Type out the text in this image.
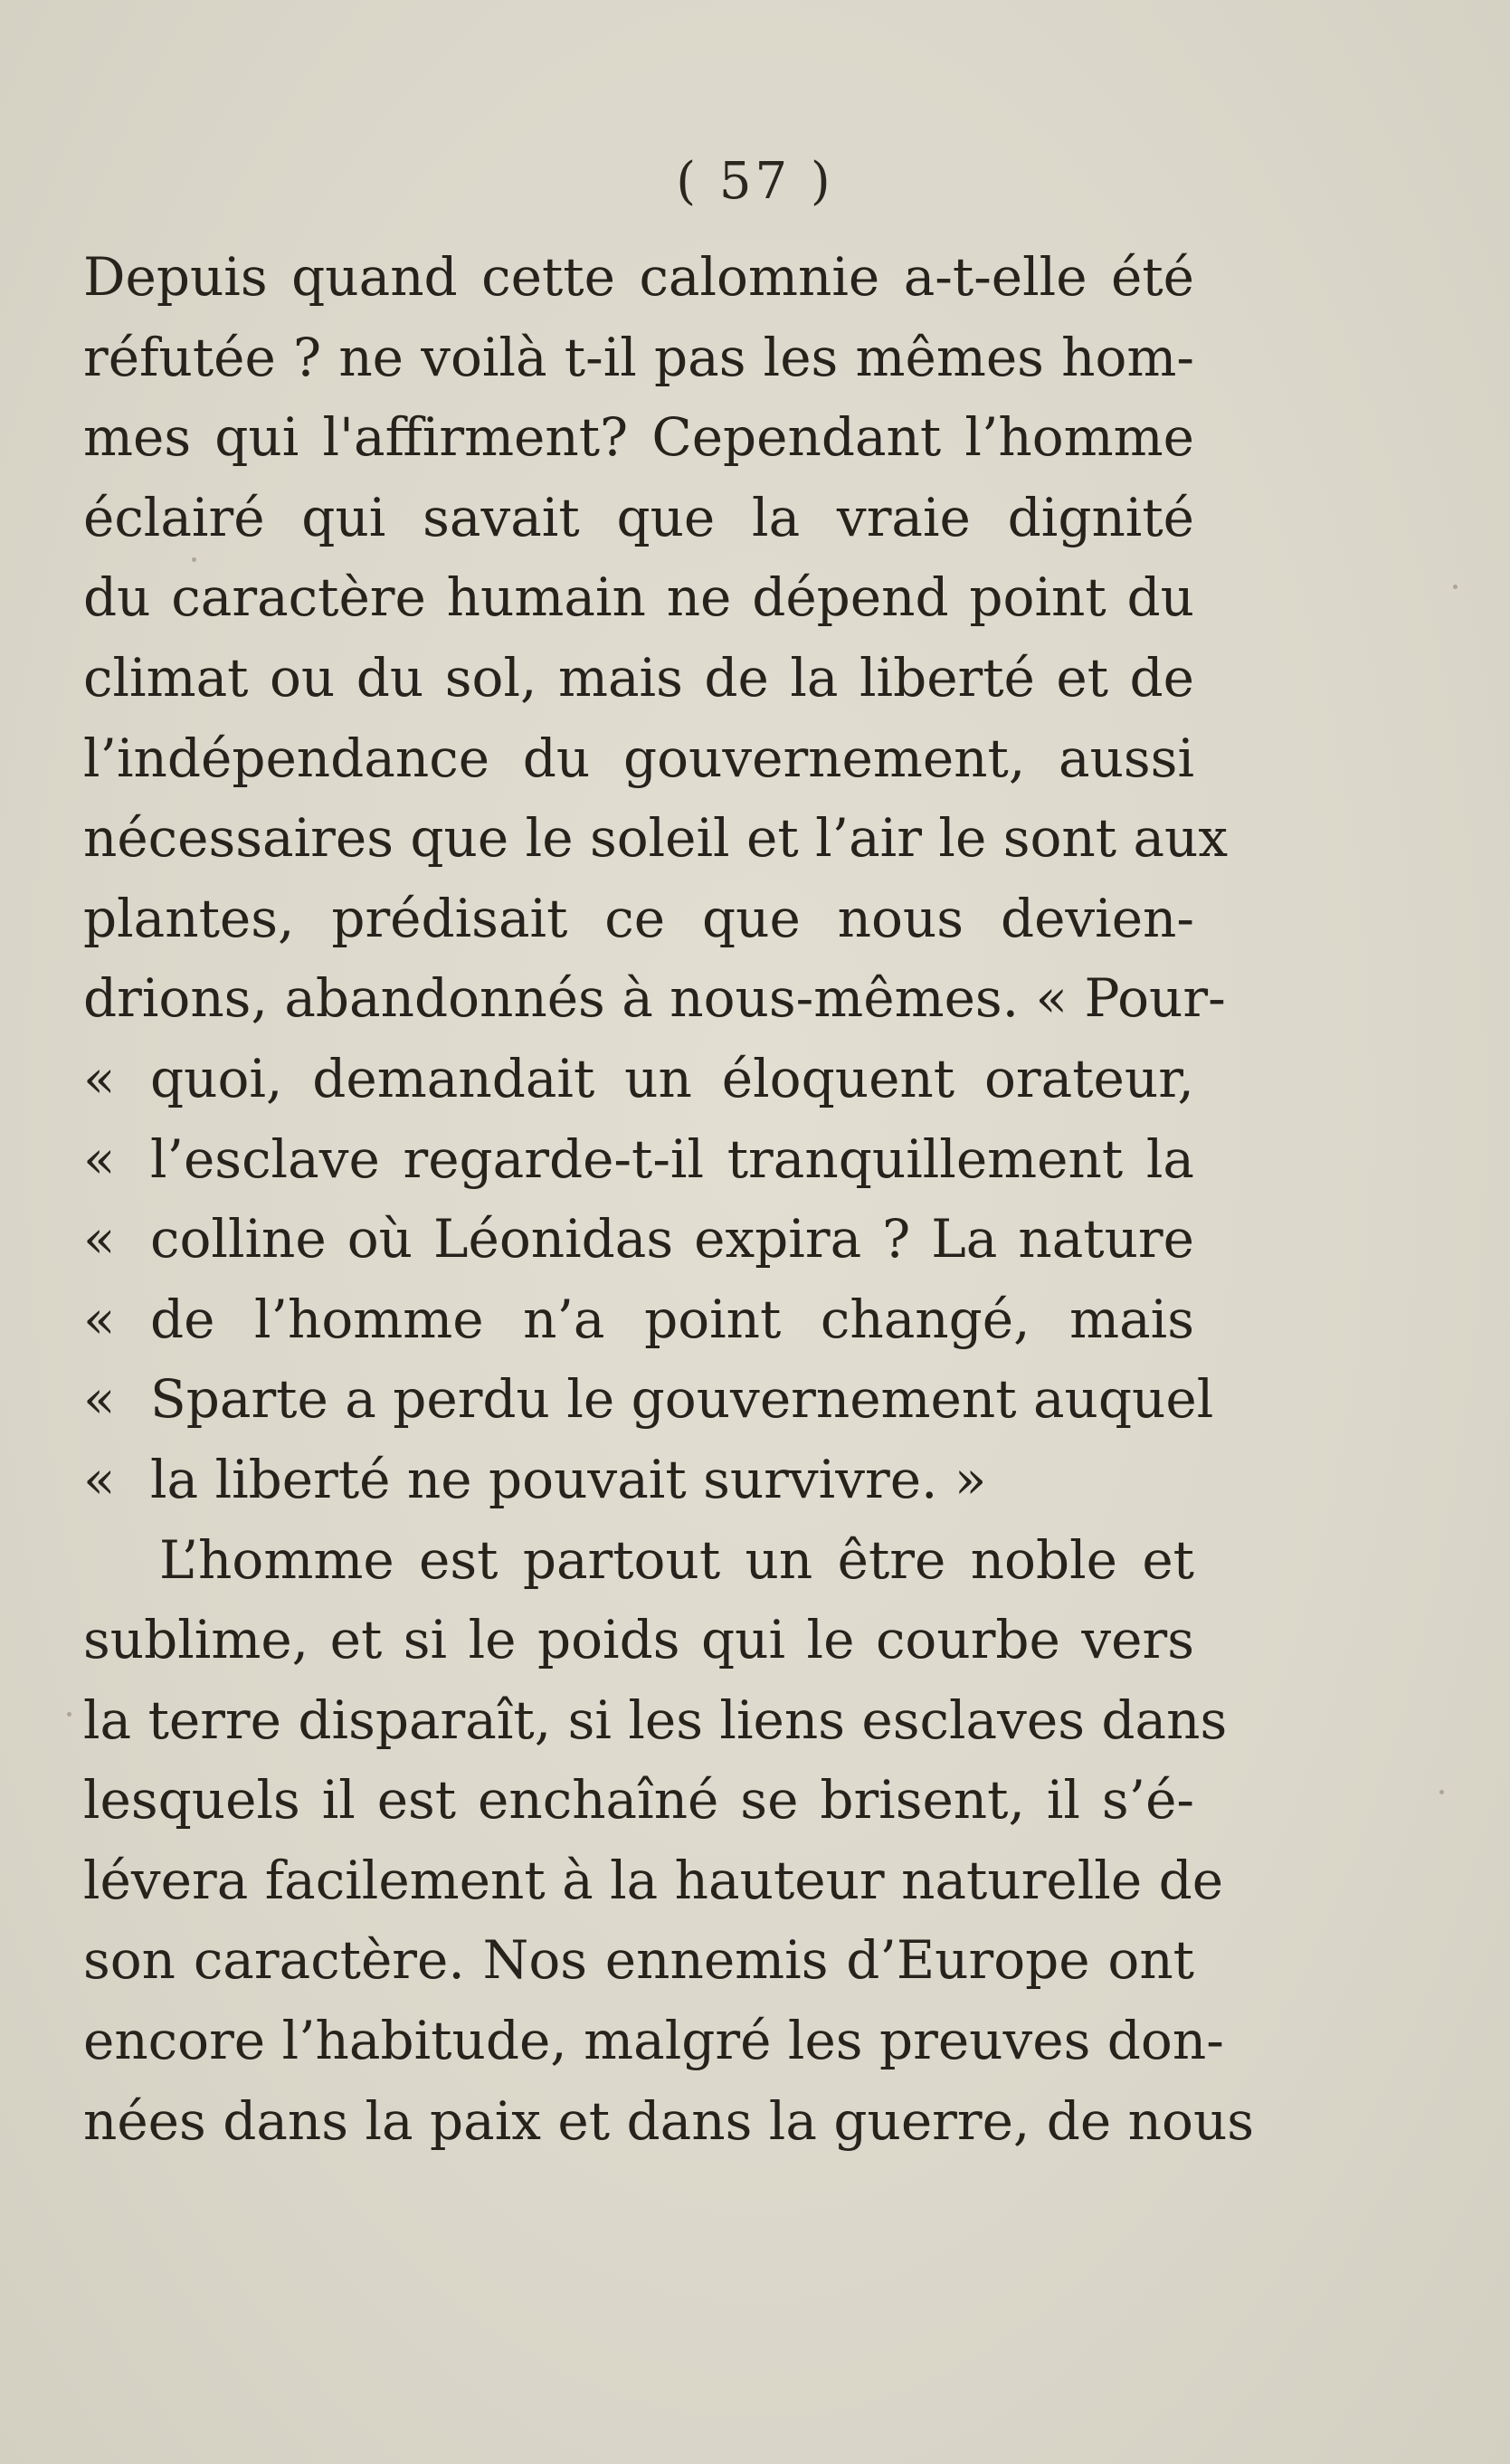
( 57 )
Depuis quand cette calomnie a-t-elle été
réfutée ? ne voilà t-il pas les mêmes hom-
mes qui l'affirment? Cependant l’homme
éclairé qui savait que la vraie dignité
du caractère humain ne dépend point du
climat ou du sol, mais de la liberté et de
l’indépendance du gouvernement, aussi
nécessaires que le soleil et l’air le sont aux
plantes, prédisait ce que nous devien-
drions, abandonnés à nous-mêmes. « Pour-
« quoi, demandait un éloquent orateur,
« l’esclave regarde-t-il tranquillement la
« colline où Léonidas expira ? La nature
« de l’homme n’a point changé, mais
« Sparte a perdu le gouvernement auquel
« la liberté ne pouvait survivre. »
L’homme est partout un être noble et
sublime, et si le poids qui le courbe vers
la terre disparaît, si les liens esclaves dans
lesquels il est enchaîné se brisent, il s’é-
lévera facilement à la hauteur naturelle de
son caractère. Nos ennemis d’Europe ont
encore l’habitude, malgré les preuves don-
nées dans la paix et dans la guerre, de nous
